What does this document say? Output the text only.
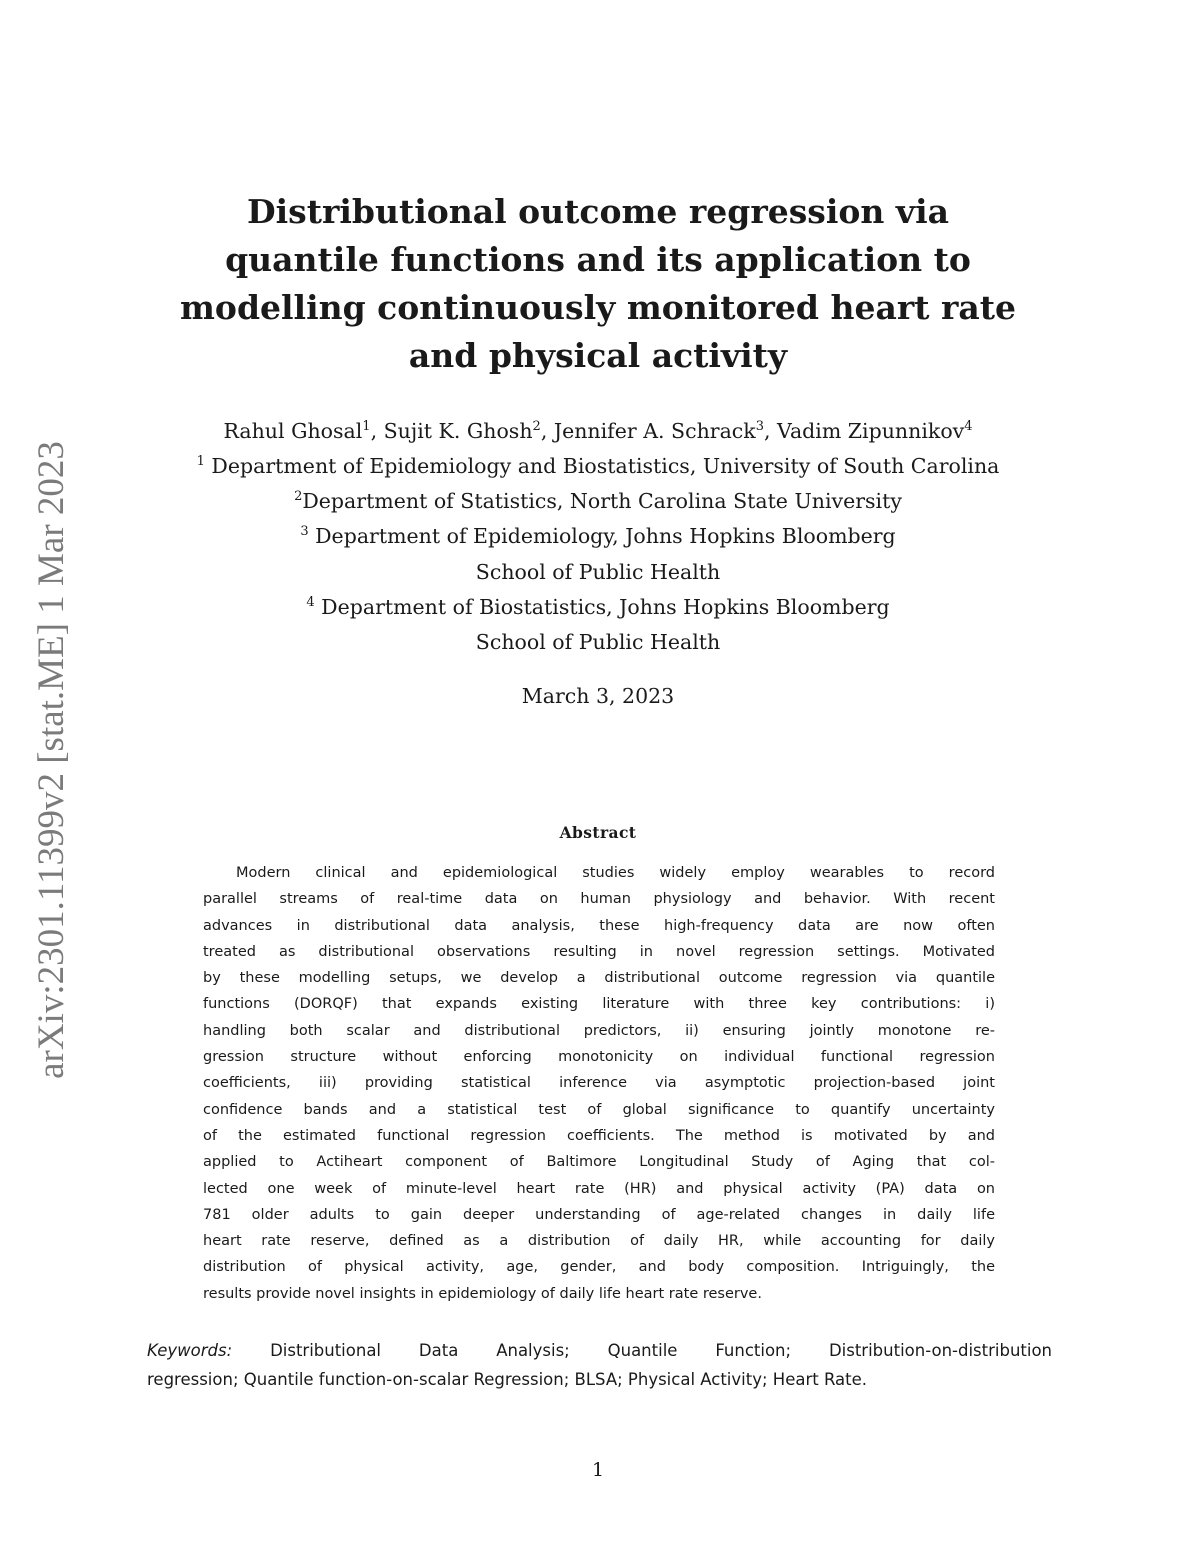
arXiv:2301.11399v2 [stat.ME] 1 Mar 2023
Distributional outcome regression via
quantile functions and its application to
modelling continuously monitored heart rate
and physical activity
Rahul Ghosal$^1$, Sujit K. Ghosh$^2$, Jennifer A. Schrack$^3$, Vadim Zipunnikov$^4$
$^1$ Department of Epidemiology and Biostatistics, University of South Carolina
$^2$Department of Statistics, North Carolina State University
$^3$ Department of Epidemiology, Johns Hopkins Bloomberg
School of Public Health
$^4$ Department of Biostatistics, Johns Hopkins Bloomberg
School of Public Health
March 3, 2023
Abstract
Modern clinical and epidemiological studies widely employ wearables to record
parallel streams of real-time data on human physiology and behavior. With recent
advances in distributional data analysis, these high-frequency data are now often
treated as distributional observations resulting in novel regression settings. Motivated
by these modelling setups, we develop a distributional outcome regression via quantile
functions (DORQF) that expands existing literature with three key contributions: i)
handling both scalar and distributional predictors, ii) ensuring jointly monotone re-
gression structure without enforcing monotonicity on individual functional regression
coefficients, iii) providing statistical inference via asymptotic projection-based joint
confidence bands and a statistical test of global significance to quantify uncertainty
of the estimated functional regression coefficients. The method is motivated by and
applied to Actiheart component of Baltimore Longitudinal Study of Aging that col-
lected one week of minute-level heart rate (HR) and physical activity (PA) data on
781 older adults to gain deeper understanding of age-related changes in daily life
heart rate reserve, defined as a distribution of daily HR, while accounting for daily
distribution of physical activity, age, gender, and body composition. Intriguingly, the
results provide novel insights in epidemiology of daily life heart rate reserve.
Keywords: Distributional Data Analysis; Quantile Function; Distribution-on-distribution
regression; Quantile function-on-scalar Regression; BLSA; Physical Activity; Heart Rate.
1
